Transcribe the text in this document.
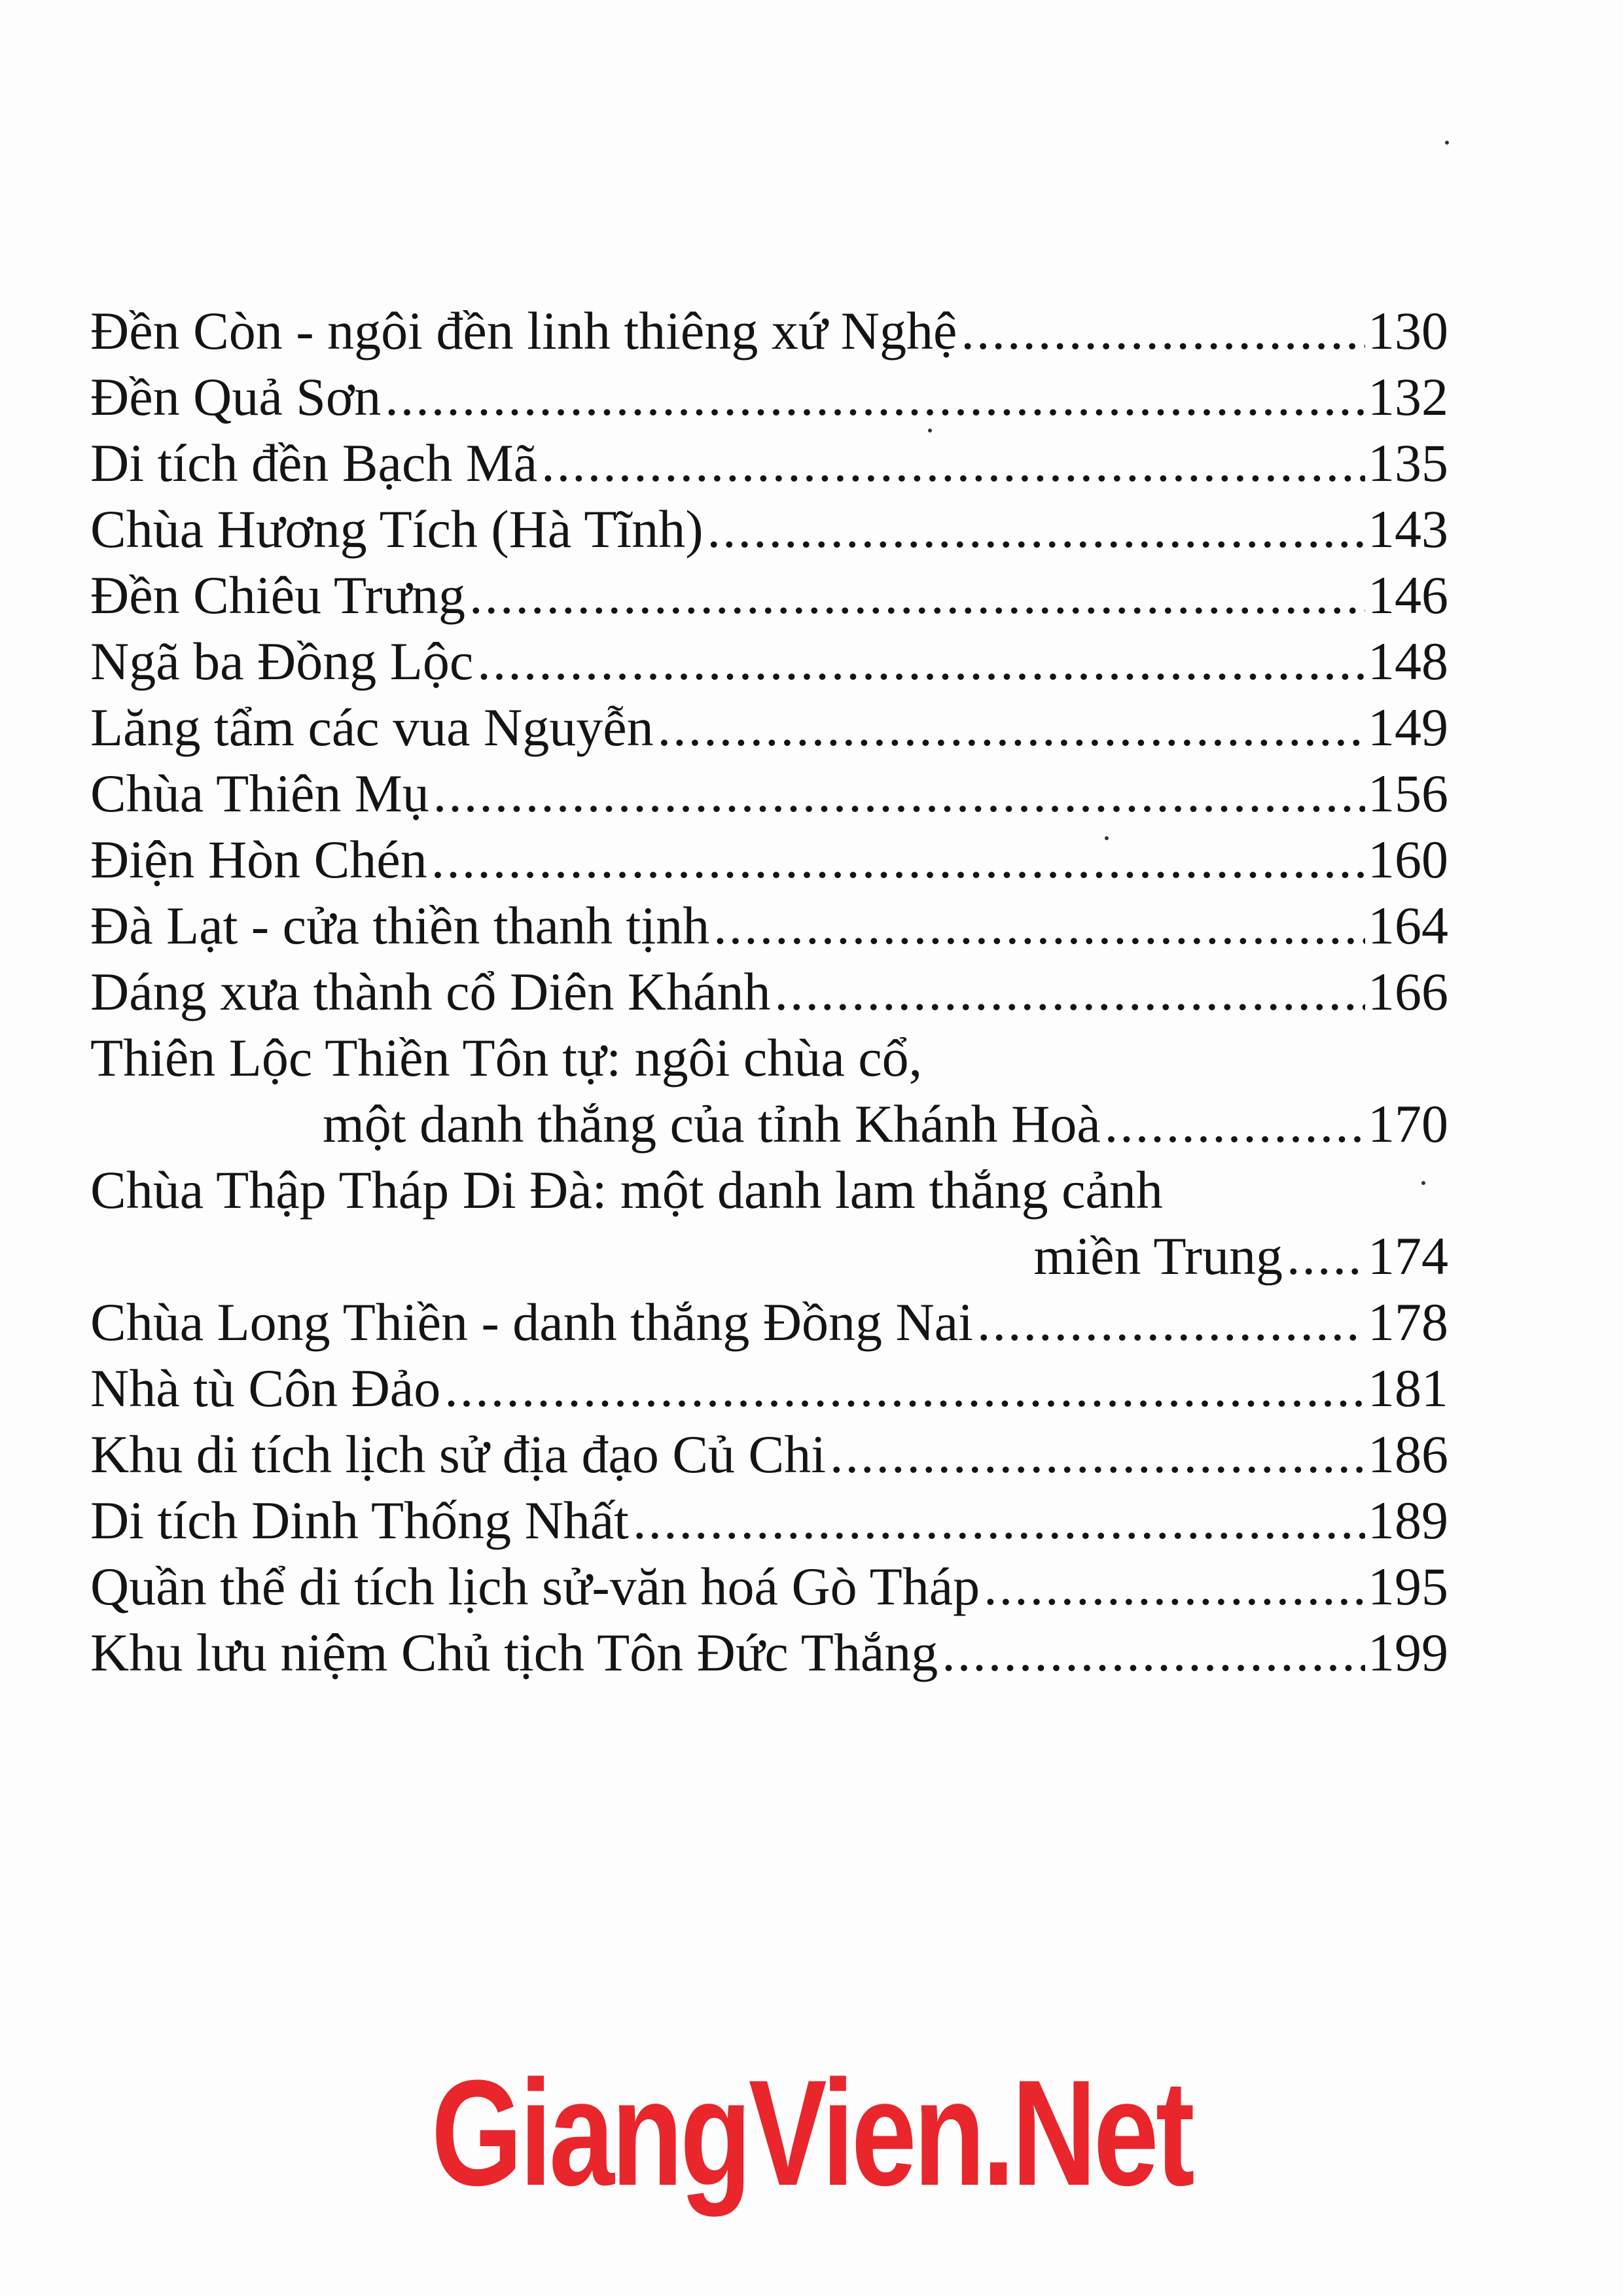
Đền Còn - ngôi đền linh thiêng xứ Nghệ .....	130
Đền Quả Sơn .....	132
Di tích đền Bạch Mã .....	135
Chùa Hương Tích (Hà Tĩnh) .....	143
Đền Chiêu Trưng .....	146
Ngã ba Đồng Lộc .....	148
Lăng tẩm các vua Nguyễn .....	149
Chùa Thiên Mụ .....	156
Điện Hòn Chén .....	160
Đà Lạt - cửa thiền thanh tịnh .....	164
Dáng xưa thành cổ Diên Khánh .....	166
Thiên Lộc Thiền Tôn tự: ngôi chùa cổ,
một danh thắng của tỉnh Khánh Hoà .....	170
Chùa Thập Tháp Di Đà: một danh lam thắng cảnh
miền Trung ..... 174
Chùa Long Thiền - danh thắng Đồng Nai .....	178
Nhà tù Côn Đảo .....	181
Khu di tích lịch sử địa đạo Củ Chi .....	186
Di tích Dinh Thống Nhất .....	189
Quần thể di tích lịch sử-văn hoá Gò Tháp .....	195
Khu lưu niệm Chủ tịch Tôn Đức Thắng .....	199
GiangVien.Net
